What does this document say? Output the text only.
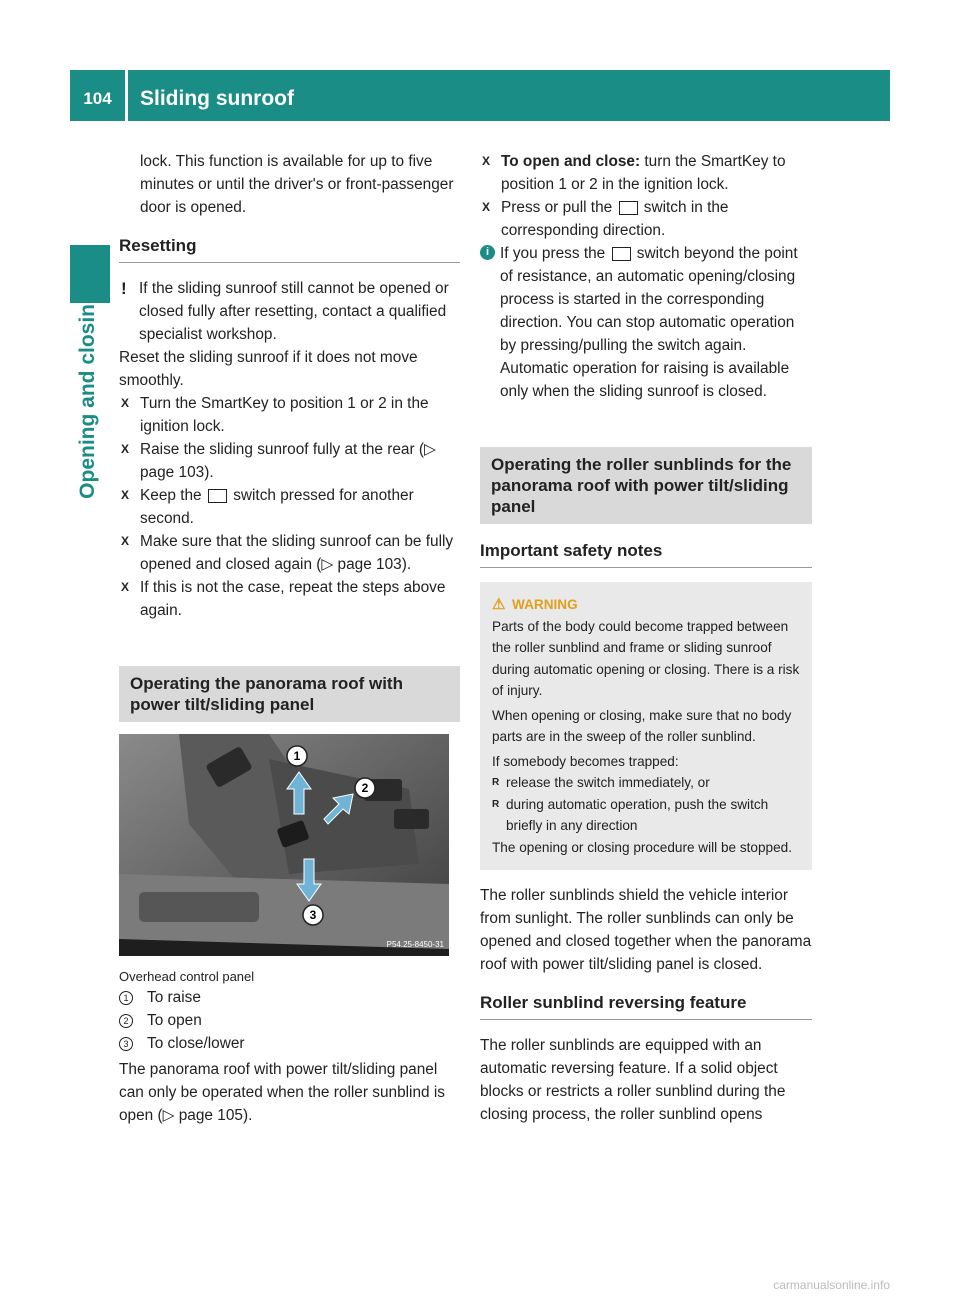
104	Sliding sunroof
Opening and closing

lock. This function is available for up to five minutes or until the driver's or front-passenger door is opened.

Resetting

! If the sliding sunroof still cannot be opened or closed fully after resetting, contact a qualified specialist workshop.

Reset the sliding sunroof if it does not move smoothly.

X Turn the SmartKey to position 1 or 2 in the ignition lock.

X Raise the sliding sunroof fully at the rear (▷ page 103).

X Keep the switch pressed for another second.

X Make sure that the sliding sunroof can be fully opened and closed again (▷ page 103).

X If this is not the case, repeat the steps above again.

Operating the panorama roof with power tilt/sliding panel
1
2
3
P54.25-8450-31

Overhead control panel

1 To raise

2 To open

3 To close/lower

The panorama roof with power tilt/sliding panel can only be operated when the roller sunblind is open (▷ page 105).

X To open and close: turn the SmartKey to position 1 or 2 in the ignition lock.

X Press or pull the switch in the corresponding direction.

i If you press the switch beyond the point of resistance, an automatic opening/closing process is started in the corresponding direction. You can stop automatic operation by pressing/pulling the switch again.

Automatic operation for raising is available only when the sliding sunroof is closed.

Operating the roller sunblinds for the panorama roof with power tilt/sliding panel
Important safety notes

⚠ WARNING

Parts of the body could become trapped between the roller sunblind and frame or sliding sunroof during automatic opening or closing. There is a risk of injury.

When opening or closing, make sure that no body parts are in the sweep of the roller sunblind.

If somebody becomes trapped:

R release the switch immediately, or

R during automatic operation, push the switch briefly in any direction

The opening or closing procedure will be stopped.

The roller sunblinds shield the vehicle interior from sunlight. The roller sunblinds can only be opened and closed together when the panorama roof with power tilt/sliding panel is closed.

Roller sunblind reversing feature

The roller sunblinds are equipped with an automatic reversing feature. If a solid object blocks or restricts a roller sunblind during the closing process, the roller sunblind opens

carmanualsonline.info
